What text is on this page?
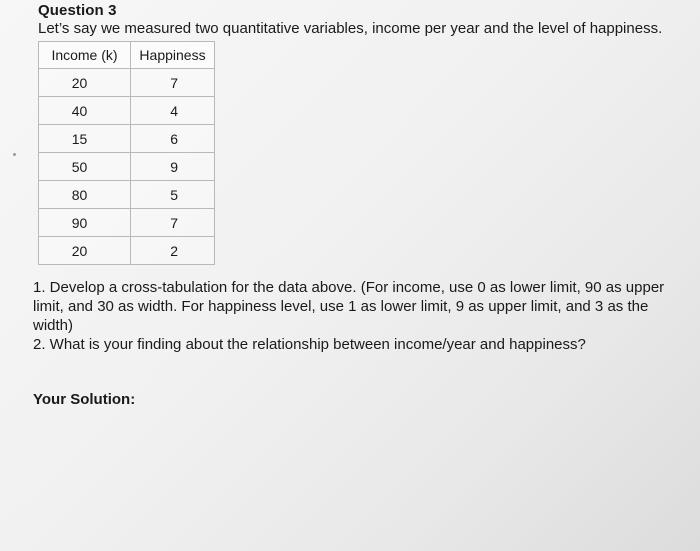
Question 3
Let’s say we measured two quantitative variables, income per year and the level of happiness.
Income (k)	Happiness
20	7
40	4
15	6
50	9
80	5
90	7
20	2

1. Develop a cross-tabulation for the data above. (For income, use 0 as lower limit, 90 as upper limit, and 30 as width. For happiness level, use 1 as lower limit, 9 as upper limit, and 3 as the width)

2. What is your finding about the relationship between income/year and happiness?

Your Solution:
